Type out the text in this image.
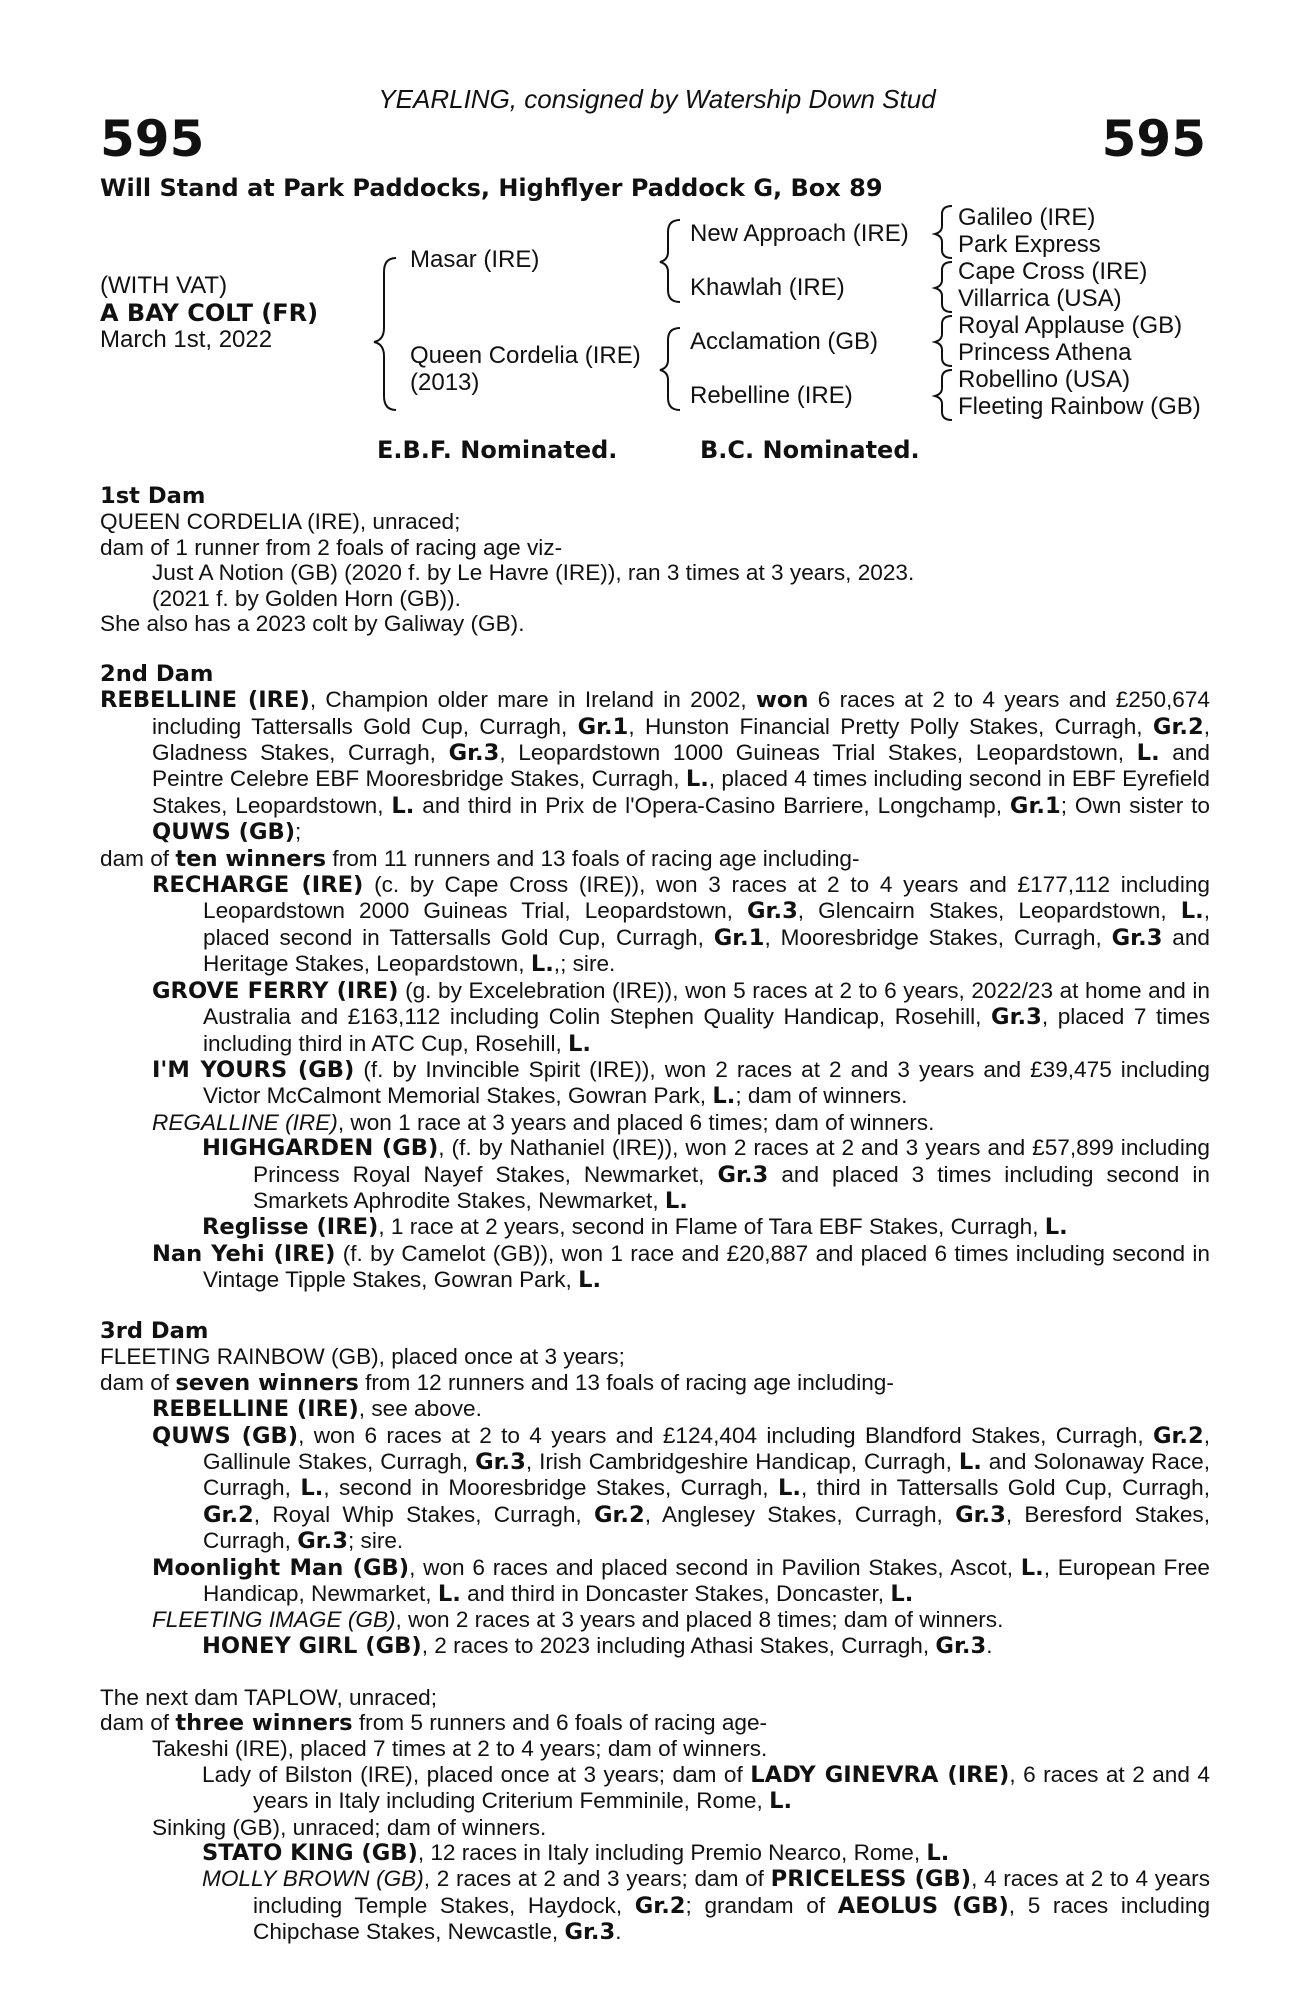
YEARLING, consigned by Watership Down Stud
595	595
Will Stand at Park Paddocks, Highflyer Paddock G, Box 89
(WITH VAT)
A BAY COLT (FR)
March 1st, 2022
Masar (IRE)
Queen Cordelia (IRE)
(2013)
New Approach (IRE)
Khawlah (IRE)
Acclamation (GB)
Rebelline (IRE)
Galileo (IRE)
Park Express
Cape Cross (IRE)
Villarrica (USA)
Royal Applause (GB)
Princess Athena
Robellino (USA)
Fleeting Rainbow (GB)
E.B.F. Nominated.	B.C. Nominated.

1st Dam

QUEEN CORDELIA (IRE), unraced;

dam of 1 runner from 2 foals of racing age viz-

Just A Notion (GB) (2020 f. by Le Havre (IRE)), ran 3 times at 3 years, 2023.

(2021 f. by Golden Horn (GB)).

She also has a 2023 colt by Galiway (GB).

2nd Dam

REBELLINE (IRE), Champion older mare in Ireland in 2002, won 6 races at 2 to 4 years and £250,674 including Tattersalls Gold Cup, Curragh, Gr.1, Hunston Financial Pretty Polly Stakes, Curragh, Gr.2, Gladness Stakes, Curragh, Gr.3, Leopardstown 1000 Guineas Trial Stakes, Leopardstown, L. and Peintre Celebre EBF Mooresbridge Stakes, Curragh, L., placed 4 times including second in EBF Eyrefield Stakes, Leopardstown, L. and third in Prix de l'Opera-Casino Barriere, Longchamp, Gr.1; Own sister to QUWS (GB);

dam of ten winners from 11 runners and 13 foals of racing age including-

RECHARGE (IRE) (c. by Cape Cross (IRE)), won 3 races at 2 to 4 years and £177,112 including Leopardstown 2000 Guineas Trial, Leopardstown, Gr.3, Glencairn Stakes, Leopardstown, L., placed second in Tattersalls Gold Cup, Curragh, Gr.1, Mooresbridge Stakes, Curragh, Gr.3 and Heritage Stakes, Leopardstown, L.,; sire.

GROVE FERRY (IRE) (g. by Excelebration (IRE)), won 5 races at 2 to 6 years, 2022/23 at home and in Australia and £163,112 including Colin Stephen Quality Handicap, Rosehill, Gr.3, placed 7 times including third in ATC Cup, Rosehill, L.

I'M YOURS (GB) (f. by Invincible Spirit (IRE)), won 2 races at 2 and 3 years and £39,475 including Victor McCalmont Memorial Stakes, Gowran Park, L.; dam of winners.

REGALLINE (IRE), won 1 race at 3 years and placed 6 times; dam of winners.

HIGHGARDEN (GB), (f. by Nathaniel (IRE)), won 2 races at 2 and 3 years and £57,899 including Princess Royal Nayef Stakes, Newmarket, Gr.3 and placed 3 times including second in Smarkets Aphrodite Stakes, Newmarket, L.

Reglisse (IRE), 1 race at 2 years, second in Flame of Tara EBF Stakes, Curragh, L.

Nan Yehi (IRE) (f. by Camelot (GB)), won 1 race and £20,887 and placed 6 times including second in Vintage Tipple Stakes, Gowran Park, L.

3rd Dam

FLEETING RAINBOW (GB), placed once at 3 years;

dam of seven winners from 12 runners and 13 foals of racing age including-

REBELLINE (IRE), see above.

QUWS (GB), won 6 races at 2 to 4 years and £124,404 including Blandford Stakes, Curragh, Gr.2, Gallinule Stakes, Curragh, Gr.3, Irish Cambridgeshire Handicap, Curragh, L. and Solonaway Race, Curragh, L., second in Mooresbridge Stakes, Curragh, L., third in Tattersalls Gold Cup, Curragh, Gr.2, Royal Whip Stakes, Curragh, Gr.2, Anglesey Stakes, Curragh, Gr.3, Beresford Stakes, Curragh, Gr.3; sire.

Moonlight Man (GB), won 6 races and placed second in Pavilion Stakes, Ascot, L., European Free Handicap, Newmarket, L. and third in Doncaster Stakes, Doncaster, L.

FLEETING IMAGE (GB), won 2 races at 3 years and placed 8 times; dam of winners.

HONEY GIRL (GB), 2 races to 2023 including Athasi Stakes, Curragh, Gr.3.

The next dam TAPLOW, unraced;

dam of three winners from 5 runners and 6 foals of racing age-

Takeshi (IRE), placed 7 times at 2 to 4 years; dam of winners.

Lady of Bilston (IRE), placed once at 3 years; dam of LADY GINEVRA (IRE), 6 races at 2 and 4 years in Italy including Criterium Femminile, Rome, L.

Sinking (GB), unraced; dam of winners.

STATO KING (GB), 12 races in Italy including Premio Nearco, Rome, L.

MOLLY BROWN (GB), 2 races at 2 and 3 years; dam of PRICELESS (GB), 4 races at 2 to 4 years including Temple Stakes, Haydock, Gr.2; grandam of AEOLUS (GB), 5 races including Chipchase Stakes, Newcastle, Gr.3.
